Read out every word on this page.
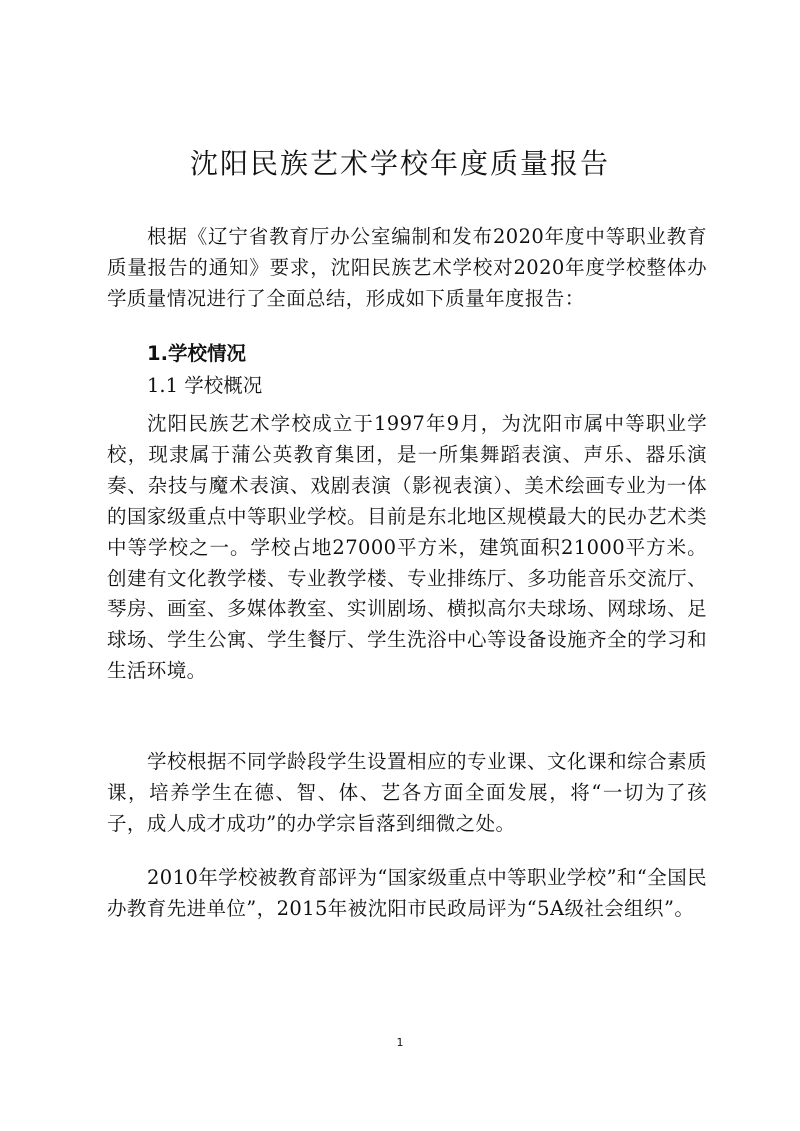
沈阳民族艺术学校年度质量报告

根据《辽宁省教育厅办公室编制和发布2020年度中等职业教育质量报告的通知》要求，沈阳民族艺术学校对2020年度学校整体办学质量情况进行了全面总结，形成如下质量年度报告：

1.学校情况
1.1 学校概况

沈阳民族艺术学校成立于1997年9月，为沈阳市属中等职业学校，现隶属于蒲公英教育集团，是一所集舞蹈表演、声乐、器乐演奏、杂技与魔术表演、戏剧表演（影视表演）、美术绘画专业为一体的国家级重点中等职业学校。目前是东北地区规模最大的民办艺术类中等学校之一。学校占地27000平方米，建筑面积21000平方米。创建有文化教学楼、专业教学楼、专业排练厅、多功能音乐交流厅、琴房、画室、多媒体教室、实训剧场、横拟高尔夫球场、网球场、足球场、学生公寓、学生餐厅、学生洗浴中心等设备设施齐全的学习和生活环境。

学校根据不同学龄段学生设置相应的专业课、文化课和综合素质课，培养学生在德、智、体、艺各方面全面发展，将“一切为了孩子，成人成才成功”的办学宗旨落到细微之处。

2010年学校被教育部评为“国家级重点中等职业学校”和“全国民办教育先进单位”，2015年被沈阳市民政局评为“5A级社会组织”。

1
